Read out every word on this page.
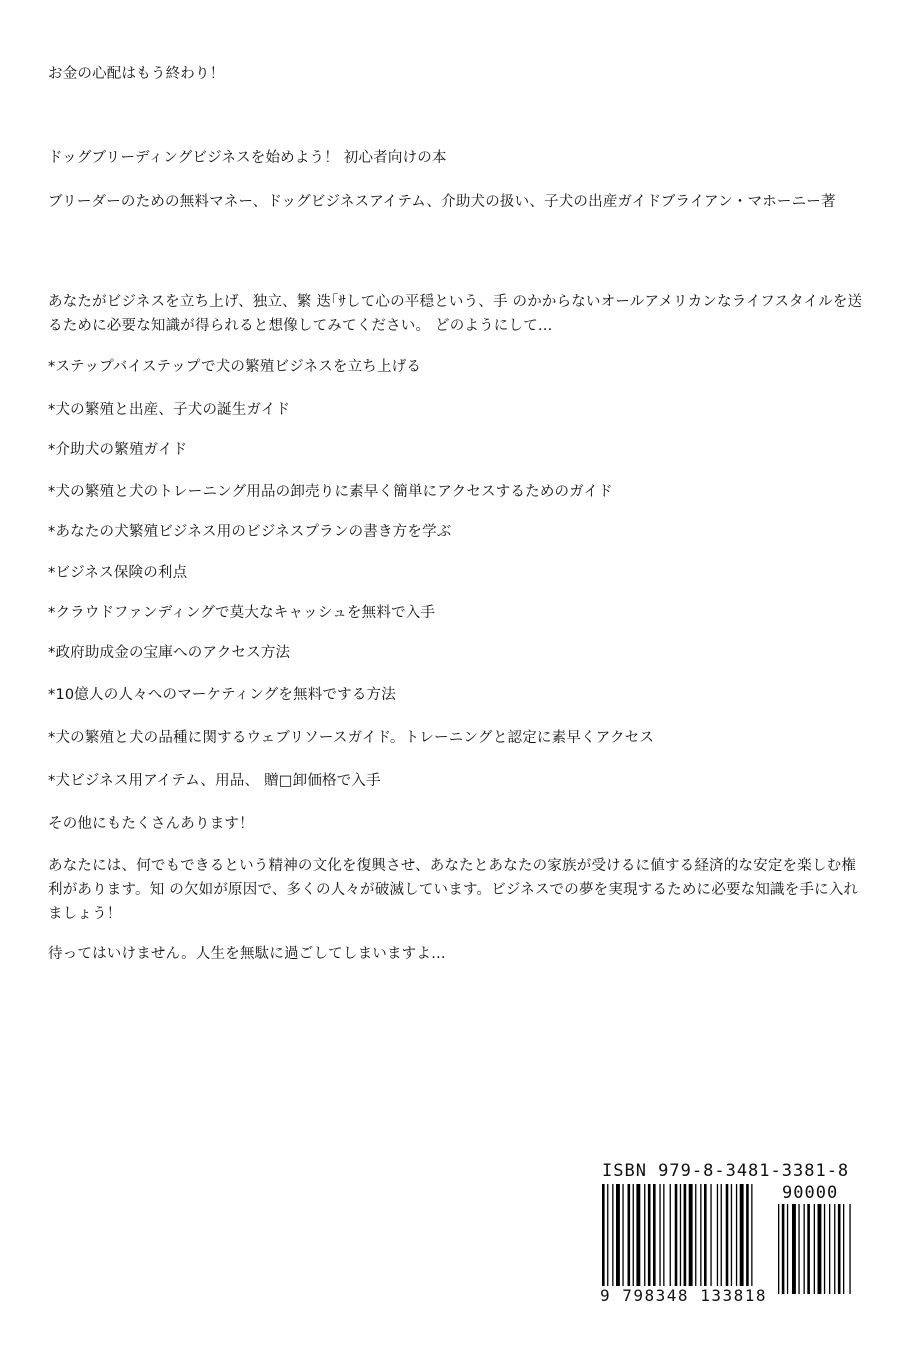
お金の心配はもう終わり！
ドッグブリーディングビジネスを始めよう！ 初心者向けの本
ブリーダーのための無料マネー、ドッグビジネスアイテム、介助犬の扱い、子犬の出産ガイドブライアン・マホーニー著
あなたがビジネスを立ち上げ、独立、繁 迭｢ｻして心の平穏という、手 のかからないオールアメリカンなライフスタイルを送るために必要な知識が得られると想像してみてください。 どのようにして…
*ステップバイステップで犬の繁殖ビジネスを立ち上げる
*犬の繁殖と出産、子犬の誕生ガイド
*介助犬の繁殖ガイド
*犬の繁殖と犬のトレーニング用品の卸売りに素早く簡単にアクセスするためのガイド
*あなたの犬繁殖ビジネス用のビジネスプランの書き方を学ぶ
*ビジネス保険の利点
*クラウドファンディングで莫大なキャッシュを無料で入手
*政府助成金の宝庫へのアクセス方法
*10億人の人々へのマーケティングを無料でする方法
*犬の繁殖と犬の品種に関するウェブリソースガイド。トレーニングと認定に素早くアクセス
*犬ビジネス用アイテム、用品、 贈□卸価格で入手
その他にもたくさんあります！
あなたには、何でもできるという精神の文化を復興させ、あなたとあなたの家族が受けるに値する経済的な安定を楽しむ権利があります。知 の欠如が原因で、多くの人々が破滅しています。ビジネスでの夢を実現するために必要な知識を手に入れましょう！
待ってはいけません。人生を無駄に過ごしてしまいますよ…
ISBN 979-8-3481-3381-8
90000
9 798348 133818
